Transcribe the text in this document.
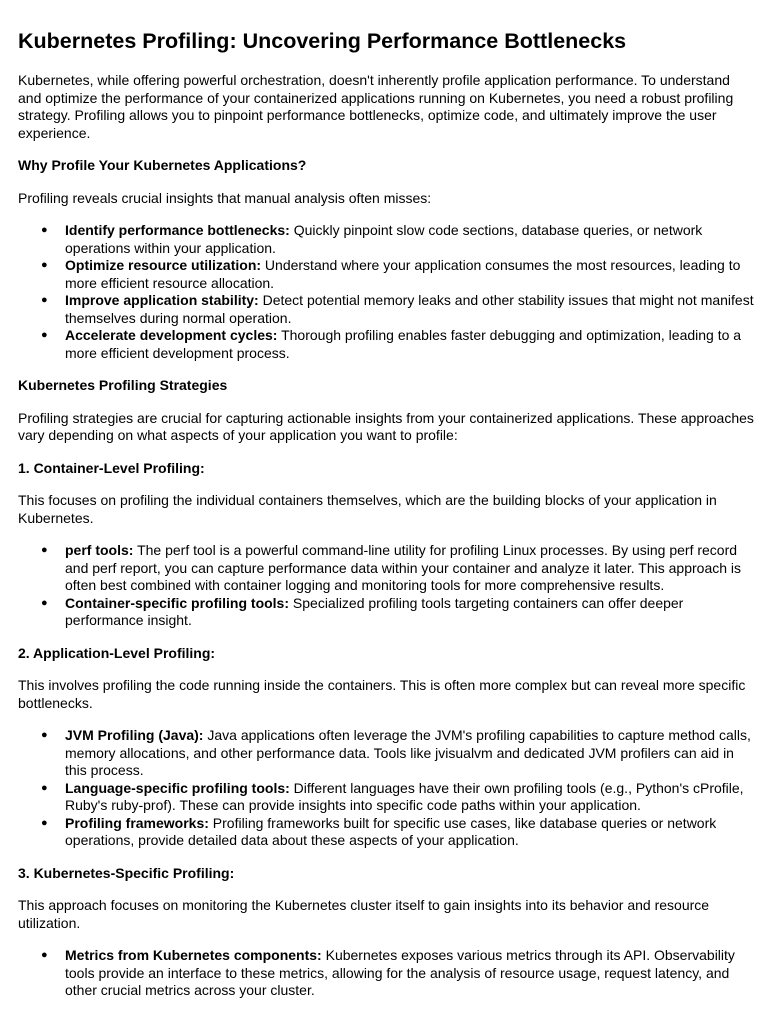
Kubernetes Profiling: Uncovering Performance Bottlenecks

Kubernetes, while offering powerful orchestration, doesn't inherently profile application performance. To understand and optimize the performance of your containerized applications running on Kubernetes, you need a robust profiling strategy. Profiling allows you to pinpoint performance bottlenecks, optimize code, and ultimately improve the user experience.

Why Profile Your Kubernetes Applications?

Profiling reveals crucial insights that manual analysis often misses:

● Identify performance bottlenecks: Quickly pinpoint slow code sections, database queries, or network operations within your application.
● Optimize resource utilization: Understand where your application consumes the most resources, leading to more efficient resource allocation.
● Improve application stability: Detect potential memory leaks and other stability issues that might not manifest themselves during normal operation.
● Accelerate development cycles: Thorough profiling enables faster debugging and optimization, leading to a more efficient development process.

Kubernetes Profiling Strategies

Profiling strategies are crucial for capturing actionable insights from your containerized applications. These approaches vary depending on what aspects of your application you want to profile:

1. Container-Level Profiling:

This focuses on profiling the individual containers themselves, which are the building blocks of your application in Kubernetes.

● perf tools: The perf tool is a powerful command-line utility for profiling Linux processes. By using perf record and perf report, you can capture performance data within your container and analyze it later. This approach is often best combined with container logging and monitoring tools for more comprehensive results.
● Container-specific profiling tools: Specialized profiling tools targeting containers can offer deeper performance insight.

2. Application-Level Profiling:

This involves profiling the code running inside the containers. This is often more complex but can reveal more specific bottlenecks.

● JVM Profiling (Java): Java applications often leverage the JVM's profiling capabilities to capture method calls, memory allocations, and other performance data. Tools like jvisualvm and dedicated JVM profilers can aid in this process.
● Language-specific profiling tools: Different languages have their own profiling tools (e.g., Python's cProfile, Ruby's ruby-prof). These can provide insights into specific code paths within your application.
● Profiling frameworks: Profiling frameworks built for specific use cases, like database queries or network operations, provide detailed data about these aspects of your application.

3. Kubernetes-Specific Profiling:

This approach focuses on monitoring the Kubernetes cluster itself to gain insights into its behavior and resource utilization.

● Metrics from Kubernetes components: Kubernetes exposes various metrics through its API. Observability tools provide an interface to these metrics, allowing for the analysis of resource usage, request latency, and other crucial metrics across your cluster.
